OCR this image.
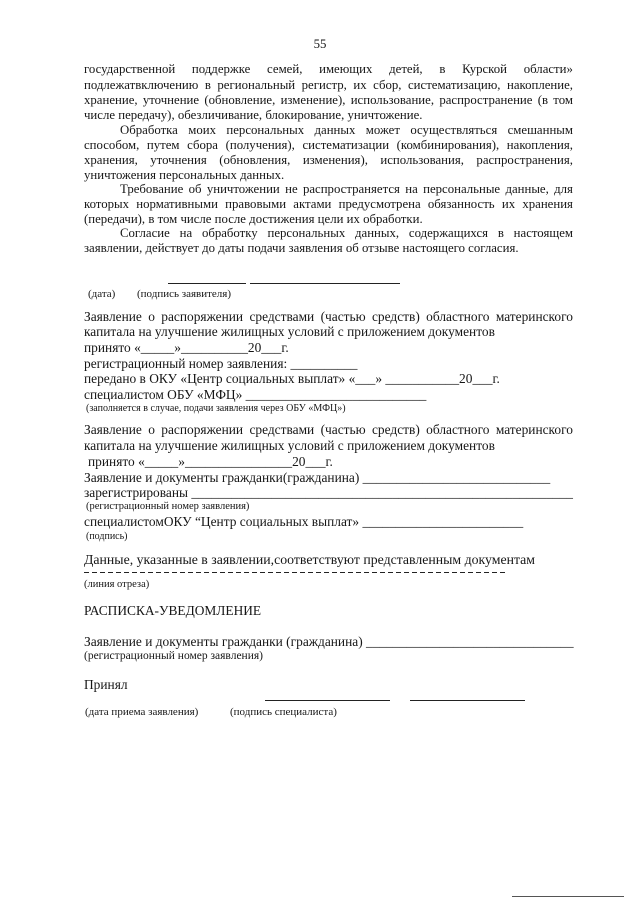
55
государственной поддержке семей, имеющих детей, в Курской области»
подлежатвключению в региональный регистр, их сбор, систематизацию, накопление,
хранение, уточнение (обновление, изменение), использование, распространение (в том
числе передачу), обезличивание, блокирование, уничтожение.
Обработка моих персональных данных может осуществляться смешанным
способом, путем сбора (получения), систематизации (комбинирования), накопления,
хранения, уточнения (обновления, изменения), использования, распространения,
уничтожения персональных данных.
Требование об уничтожении не распространяется на персональные данные, для
которых нормативными правовыми актами предусмотрена обязанность их хранения
(передачи), в том числе после достижения цели их обработки.
Согласие на обработку персональных данных, содержащихся в настоящем
заявлении, действует до даты подачи заявления об отзыве настоящего согласия.
(дата) (подпись заявителя)
Заявление о распоряжении средствами (частью средств) областного материнского
капитала на улучшение жилищных условий с приложением документов
принято «_____»__________20___г.
регистрационный номер заявления: __________
передано в ОКУ «Центр социальных выплат» «___» ___________20___г.
специалистом ОБУ «МФЦ» ___________________________
(заполняется в случае, подачи заявления через ОБУ «МФЦ»)
Заявление о распоряжении средствами (частью средств) областного материнского
капитала на улучшение жилищных условий с приложением документов
принято «_____»________________20___г.
Заявление и документы гражданки(гражданина) ____________________________
зарегистрированы _________________________________________________________
(регистрационный номер заявления)
специалистомОКУ “Центр социальных выплат» ________________________
(подпись)
Данные, указанные в заявлении,соответствуют представленным документам
(линия отреза)
РАСПИСКА-УВЕДОМЛЕНИЕ
Заявление и документы гражданки (гражданина) _______________________________
(регистрационный номер заявления)
Принял
(дата приема заявления)	(подпись специалиста)
